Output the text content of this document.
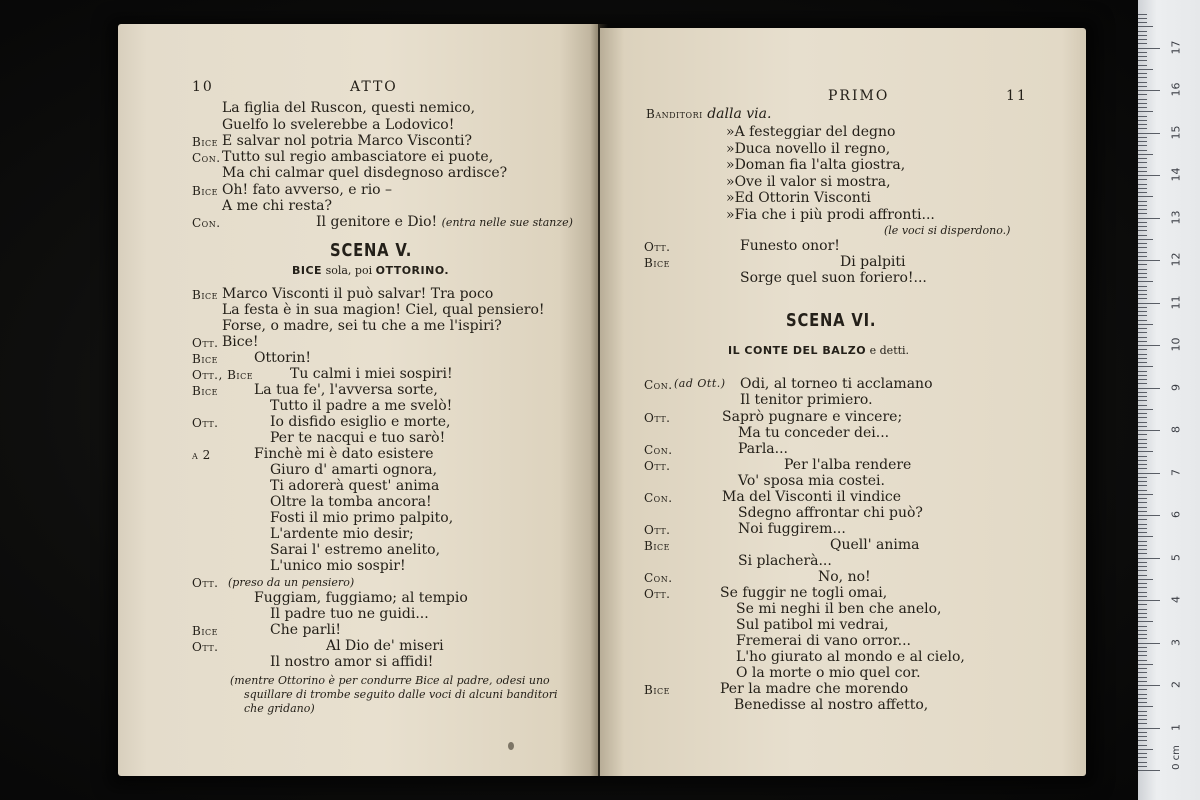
10	ATTO
La figlia del Ruscon, questi nemico,
Guelfo lo svelerebbe a Lodovico!
Bice E salvar nol potria Marco Visconti?
Con. Tutto sul regio ambasciatore ei puote,
Ma chi calmar quel disdegnoso ardisce?
Bice Oh! fato avverso, e rio –
A me chi resta?
Con.	Il genitore e Dio! (entra nelle sue stanze)
SCENA V.
BICE sola, poi OTTORINO.
Bice Marco Visconti il può salvar! Tra poco
La festa è in sua magion! Ciel, qual pensiero!
Forse, o madre, sei tu che a me l'ispiri?
Ott. Bice!
Bice	Ottorin!
Ott., Bice	Tu calmi i miei sospiri!
Bice	La tua fe', l'avversa sorte,
Tutto il padre a me svelò!
Ott.	Io disfido esiglio e morte,
Per te nacqui e tuo sarò!
a 2	Finchè mi è dato esistere
Giuro d' amarti ognora,
Ti adorerà quest' anima
Oltre la tomba ancora!
Fosti il mio primo palpito,
L'ardente mio desir;
Sarai l' estremo anelito,
L'unico mio sospir!
Ott. (preso da un pensiero)
Fuggiam, fuggiamo; al tempio
Il padre tuo ne guidi...
Bice	Che parli!
Ott.	Al Dio de' miseri
Il nostro amor si affidi!
(mentre Ottorino è per condurre Bice al padre, odesi uno
squillare di trombe seguito dalle voci di alcuni banditori
che gridano)

PRIMO	11
Banditori dalla via.
»A festeggiar del degno
»Duca novello il regno,
»Doman fia l'alta giostra,
»Ove il valor si mostra,
»Ed Ottorin Visconti
»Fia che i più prodi affronti...
(le voci si disperdono.)
Ott.	Funesto onor!
Bice	Di palpiti
Sorge quel suon foriero!...
SCENA VI.
IL CONTE DEL BALZO e detti.
Con. (ad Ott.) Odi, al torneo ti acclamano
Il tenitor primiero.
Ott.	Saprò pugnare e vincere;
Ma tu conceder dei...
Con.	Parla...
Ott.	Per l'alba rendere
Vo' sposa mia costei.
Con.	Ma del Visconti il vindice
Sdegno affrontar chi può?
Ott.	Noi fuggirem...
Bice	Quell' anima
Si placherà...
Con.	No, no!
Ott.	Se fuggir ne togli omai,
Se mi neghi il ben che anelo,
Sul patibol mi vedrai,
Fremerai di vano orror...
L'ho giurato al mondo e al cielo,
O la morte o mio quel cor.
Bice	Per la madre che morendo
Benedisse al nostro affetto,
1
2
3
4
5
6
7
8
9
10
11
12
13
14
15
16
17
0 cm
